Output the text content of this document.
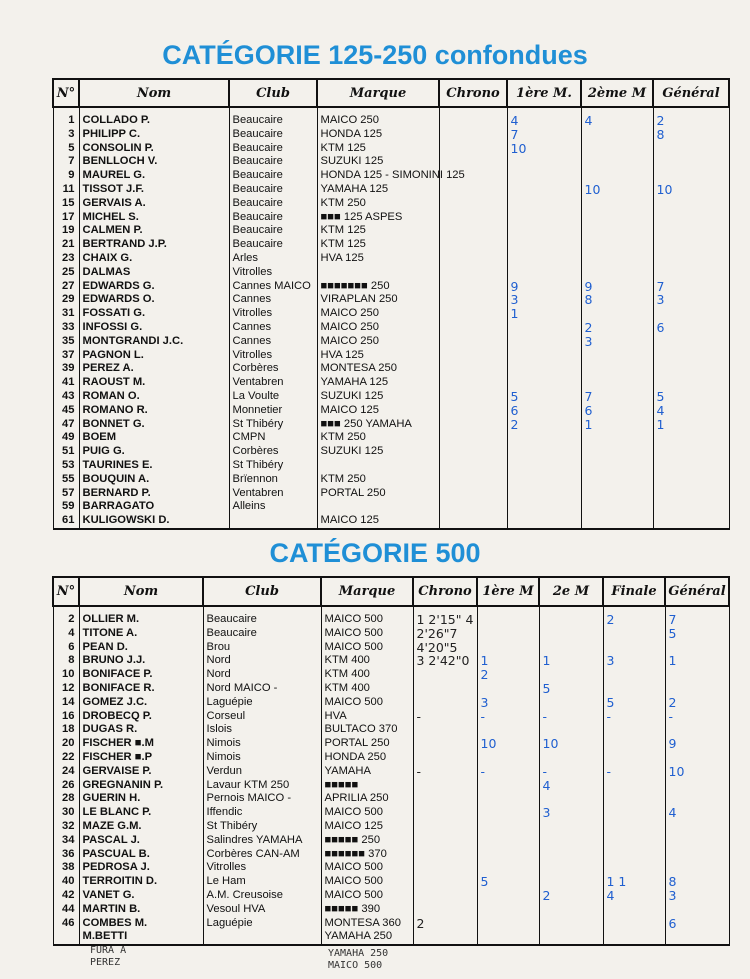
CATÉGORIE 125-250 confondues
N°	Nom	Club	Marque	Chrono	1ère M.	2ème M	Général
1	COLLADO P.	Beaucaire	MAICO 250		4	4	2
3	PHILIPP C.	Beaucaire	HONDA 125		7		8
5	CONSOLIN P.	Beaucaire	KTM 125		10		
7	BENLLOCH V.	Beaucaire	SUZUKI 125				
9	MAUREL G.	Beaucaire	HONDA 125 - SIMONINI 125				
11	TISSOT J.F.	Beaucaire	YAMAHA 125			10	10
15	GERVAIS A.	Beaucaire	KTM 250				
17	MICHEL S.	Beaucaire	■■■ 125 ASPES				
19	CALMEN P.	Beaucaire	KTM 125				
21	BERTRAND J.P.	Beaucaire	KTM 125				
23	CHAIX G.	Arles	HVA 125				
25	DALMAS	Vitrolles					
27	EDWARDS G.	Cannes MAICO	■■■■■■■ 250		9	9	7
29	EDWARDS O.	Cannes	VIRAPLAN 250		3	8	3
31	FOSSATI G.	Vitrolles	MAICO 250		1		
33	INFOSSI G.	Cannes	MAICO 250			2	6
35	MONTGRANDI J.C.	Cannes	MAICO 250			3	
37	PAGNON L.	Vitrolles	HVA 125				
39	PEREZ A.	Corbères	MONTESA 250				
41	RAOUST M.	Ventabren	YAMAHA 125				
43	ROMAN O.	La Voulte	SUZUKI 125		5	7	5
45	ROMANO R.	Monnetier	MAICO 125		6	6	4
47	BONNET G.	St Thibéry	■■■ 250 YAMAHA		2	1	1
49	BOEM	CMPN	KTM 250				
51	PUIG G.	Corbères	SUZUKI 125				
53	TAURINES E.	St Thibéry					
55	BOUQUIN A.	Brïennon	KTM 250				
57	BERNARD P.	Ventabren	PORTAL 250				
59	BARRAGATO	Alleins					
61	KULIGOWSKI D.		MAICO 125				
CATÉGORIE 500
N°	Nom	Club	Marque	Chrono	1ère M	2e M	Finale	Général
2	OLLIER M.	Beaucaire	MAICO 500	1 2'15" 4			2	7
4	TITONE A.	Beaucaire	MAICO 500	2'26"7				5
6	PEAN D.	Brou	MAICO 500	4'20"5				
8	BRUNO J.J.	Nord	KTM 400	3 2'42"0	1	1	3	1
10	BONIFACE P.	Nord	KTM 400		2			
12	BONIFACE R.	Nord MAICO -	KTM 400			5		
14	GOMEZ J.C.	Laguépie	MAICO 500		3		5	2
16	DROBECQ P.	Corseul	HVA	-	-	-	-	-
18	DUGAS R.	Islois	BULTACO 370					
20	FISCHER ■.M	Nimois	PORTAL 250		10	10		9
22	FISCHER ■.P	Nimois	HONDA 250					
24	GERVAISE P.	Verdun	YAMAHA	-	-	-	-	10
26	GREGNANIN P.	Lavaur KTM 250	■■■■■			4		
28	GUERIN H.	Pernois MAICO -	APRILIA 250					
30	LE BLANC P.	Iffendic	MAICO 500			3		4
32	MAZE G.M.	St Thibéry	MAICO 125					
34	PASCAL J.	Salindres YAMAHA	■■■■■ 250					
36	PASCUAL B.	Corbères CAN-AM	■■■■■■ 370					
38	PEDROSA J.	Vitrolles	MAICO 500					
40	TERROITIN D.	Le Ham	MAICO 500		5		1 1	8
42	VANET G.	A.M. Creusoise	MAICO 500			2	4	3
44	MARTIN B.	Vesoul HVA	■■■■■ 390					
46	COMBES M.	Laguépie	MONTESA 360	2				6
	M.BETTI		YAMAHA 250					
FURA A
PEREZ
YAMAHA 250
MAICO 500
